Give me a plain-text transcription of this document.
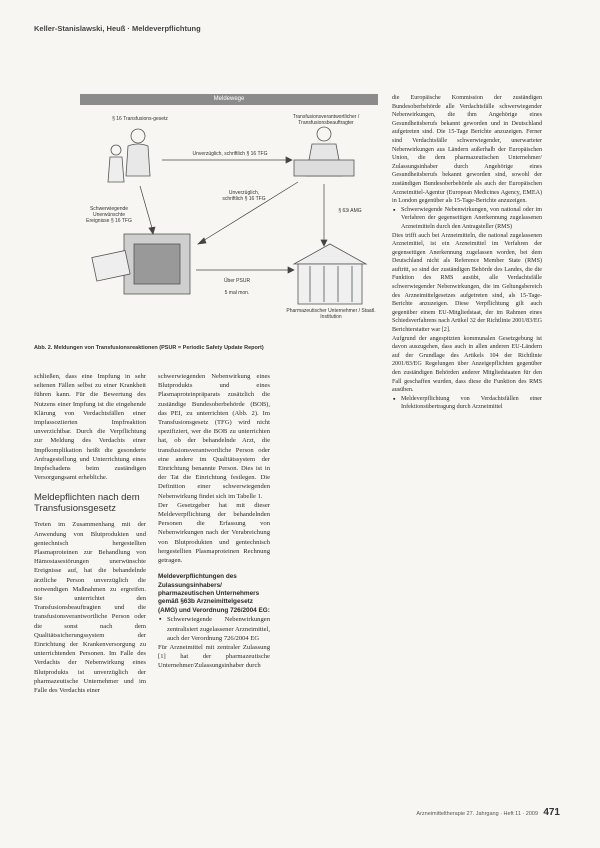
Keller-Stanislawski, Heuß · Meldeverpflichtung
Meldewege
§ 16 Transfusions-gesetz	Transfusionsverantwortlicher / Transfusionsbeauftragter
Unverzüglich, schriftlich § 16 TFG
Unverzüglich, schriftlich § 16 TFG
Schwerwiegende Unerwünschte Ereignisse § 16 TFG
§ 63i AMG
Über PSUR
5 mal mon.
Pharmazeutischer Unternehmer / Staatl. Institution
Abb. 2. Meldungen von Transfusionsreaktionen (PSUR = Periodic Safety Update Report)

schließen, dass eine Impfung in sehr seltenen Fällen selbst zu einer Krankheit führen kann. Für die Bewertung des Nutzens einer Impfung ist die eingehende Klärung von Verdachtsfällen einer impfassoziierten Impfreaktion unverzichtbar. Durch die Verpflichtung zur Meldung des Verdachts einer Impfkomplikation heißt die gesonderte Anfragestellung und Unterrichtung eines Impfschadens beim zuständigen Versorgungsamt erhebliche.

Meldepflichten nach dem Transfusionsgesetz

Treten im Zusammenhang mit der Anwendung von Blutprodukten und gentechnisch hergestellten Plasmaproteinen zur Behandlung von Hämostasestörungen unerwünschte Ereignisse auf, hat die behandelnde ärztliche Person unverzüglich die notwendigen Maßnahmen zu ergreifen. Sie unterrichtet den Transfusionsbeauftragten und die transfusionsverantwortliche Person oder die sonst nach dem Qualitätssicherungssystem der Einrichtung der Krankenversorgung zu unterrichtenden Personen. Im Falle des Verdachts der Nebenwirkung eines Blutprodukts ist unverzüglich der pharmazeutische Unternehmer und im Falle des Verdachts einer

schwerwiegenden Nebenwirkung eines Blutprodukts und eines Plasmaproteinpräparats zusätzlich die zuständige Bundesoberbehörde (BOB), das PEI, zu unterrichten (Abb. 2). Im Transfusionsgesetz (TFG) wird nicht spezifiziert, wer die BOB zu unterrichten hat, ob der behandelnde Arzt, die transfusionsverantwortliche Person oder eine andere im Qualitätssystem der Einrichtung benannte Person. Dies ist in der Tat die Einrichtung festlegen. Die Definition einer schwerwiegenden Nebenwirkung findet sich im Tabelle 1.

Der Gesetzgeber hat mit dieser Meldeverpflichtung der behandelnden Personen die Erfassung von Nebenwirkungen nach der Verabreichung von Blutprodukten und gentechnisch hergestellten Plasmaproteinen Rechnung getragen.

Meldeverpflichtungen des Zulassungsinhabers/ pharmazeutischen Unternehmers gemäß §63b Arzneimittelgesetz (AMG) und Verordnung 726/2004 EG:
▪ Schwerwiegende Nebenwirkungen zentralisiert zugelassener Arzneimittel, auch der Verordnung 726/2004 EG

Für Arzneimittel mit zentraler Zulassung [1] hat der pharmazeutische Unternehmer/Zulassungsinhaber durch

die Europäische Kommission der zuständigen Bundesoberbehörde alle Verdachtsfälle schwerwiegender Nebenwirkungen, die ihm Angehörige eines Gesundheitsberufs bekannt geworden und in Deutschland aufgetreten sind. Die 15-Tage Berichte anzuzeigen. Ferner sind Verdachtsfälle schwerwiegender, unerwarteter Nebenwirkungen aus Ländern außerhalb der Europäischen Union, die dem pharmazeutischen Unternehmer/ Zulassungsinhaber durch Angehörige eines Gesundheitsberufs bekannt geworden sind, sowohl der zuständigen Bundesoberbehörde als auch der Europäischen Arzneimittel-Agentur (European Medicines Agency, EMEA) in London gegenüber als 15-Tage-Berichte anzuzeigen.

▪ Schwerwiegende Nebenwirkungen, von national oder im Verfahren der gegenseitigen Anerkennung zugelassenen Arzneimitteln durch den Antragsteller (RMS)

Dies trifft auch bei Arzneimitteln, die national zugelassenen Arzneimittel, ist ein Arzneimittel im Verfahren der gegenseitigen Anerkennung zugelassen worden, bei dem Deutschland nicht als Reference Member State (RMS) auftritt, so sind der zuständigen Behörde des Landes, die die Funktion des RMS ausübt, alle Verdachtsfälle schwerwiegender Nebenwirkungen, die im Geltungsbereich des Arzneimittelgesetzes aufgetreten sind, als 15-Tage-Berichte anzuzeigen. Diese Verpflichtung gilt auch gegenüber einem EU-Mitgliedstaat, der im Rahmen eines Schiedsverfahrens nach Artikel 32 der Richtlinie 2001/83/EG Berichterstatter war [2].

Aufgrund der angespitzten kommunalen Gesetzgebung ist davon auszugehen, dass auch in allen anderen EU-Ländern auf der Grundlage des Artikels 104 der Richtlinie 2001/83/EG Regelungen über Anzeigepflichten gegenüber den zuständigen Behörden anderer Mitgliedstaaten für den Fall geschaffen wurden, dass diese die Funktion des RMS ausüben.

▪ Meldeverpflichtung von Verdachtsfällen einer Infektionsübertragung durch Arzneimittel
Arzneimitteltherapie 27. Jahrgang · Heft 11 · 2009 471
